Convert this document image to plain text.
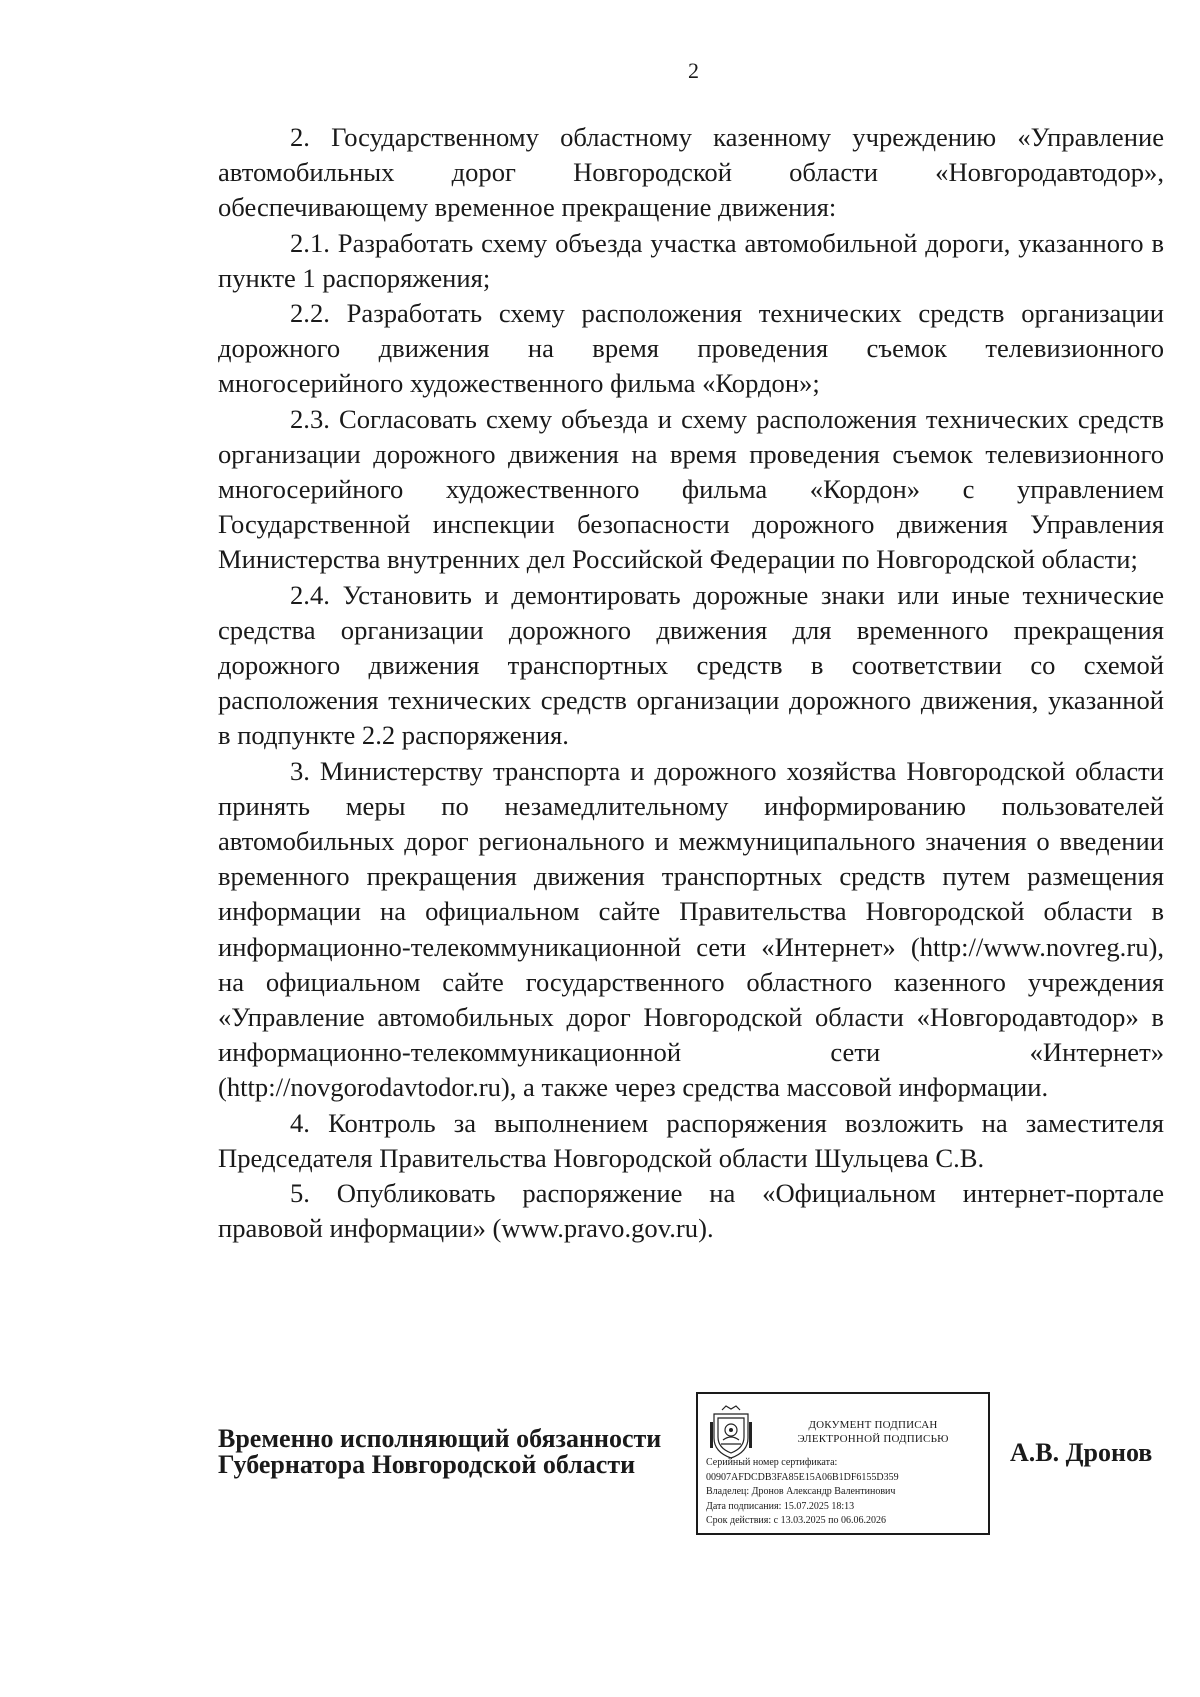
2

2. Государственному областному казенному учреждению «Управление автомобильных дорог Новгородской области «Новгородавтодор», обеспечивающему временное прекращение движения:

2.1. Разработать схему объезда участка автомобильной дороги, указанного в пункте 1 распоряжения;

2.2. Разработать схему расположения технических средств организации дорожного движения на время проведения съемок телевизионного многосерийного художественного фильма «Кордон»;

2.3. Согласовать схему объезда и схему расположения технических средств организации дорожного движения на время проведения съемок телевизионного многосерийного художественного фильма «Кордон» с управлением Государственной инспекции безопасности дорожного движения Управления Министерства внутренних дел Российской Федерации по Новгородской области;

2.4. Установить и демонтировать дорожные знаки или иные технические средства организации дорожного движения для временного прекращения дорожного движения транспортных средств в соответствии со схемой расположения технических средств организации дорожного движения, указанной в подпункте 2.2 распоряжения.

3. Министерству транспорта и дорожного хозяйства Новгородской области принять меры по незамедлительному информированию пользователей автомобильных дорог регионального и межмуниципального значения о введении временного прекращения движения транспортных средств путем размещения информации на официальном сайте Правительства Новгородской области в информационно-телекоммуникационной сети «Интернет» (http://www.novreg.ru), на официальном сайте государственного областного казенного учреждения «Управление автомобильных дорог Новгородской области «Новгородавтодор» в информационно-телекоммуникационной сети «Интернет» (http://novgorodavtodor.ru), а также через средства массовой информации.

4. Контроль за выполнением распоряжения возложить на заместителя Председателя Правительства Новгородской области Шульцева С.В.

5. Опубликовать распоряжение на «Официальном интернет-портале правовой информации» (www.pravo.gov.ru).

Временно исполняющий обязанности
Губернатора Новгородской области
ДОКУМЕНТ ПОДПИСАН
ЭЛЕКТРОННОЙ ПОДПИСЬЮ
Серийный номер сертификата:
00907AFDCDB3FA85E15A06B1DF6155D359
Владелец: Дронов Александр Валентинович
Дата подписания: 15.07.2025 18:13
Срок действия: с 13.03.2025 по 06.06.2026
А.В. Дронов
